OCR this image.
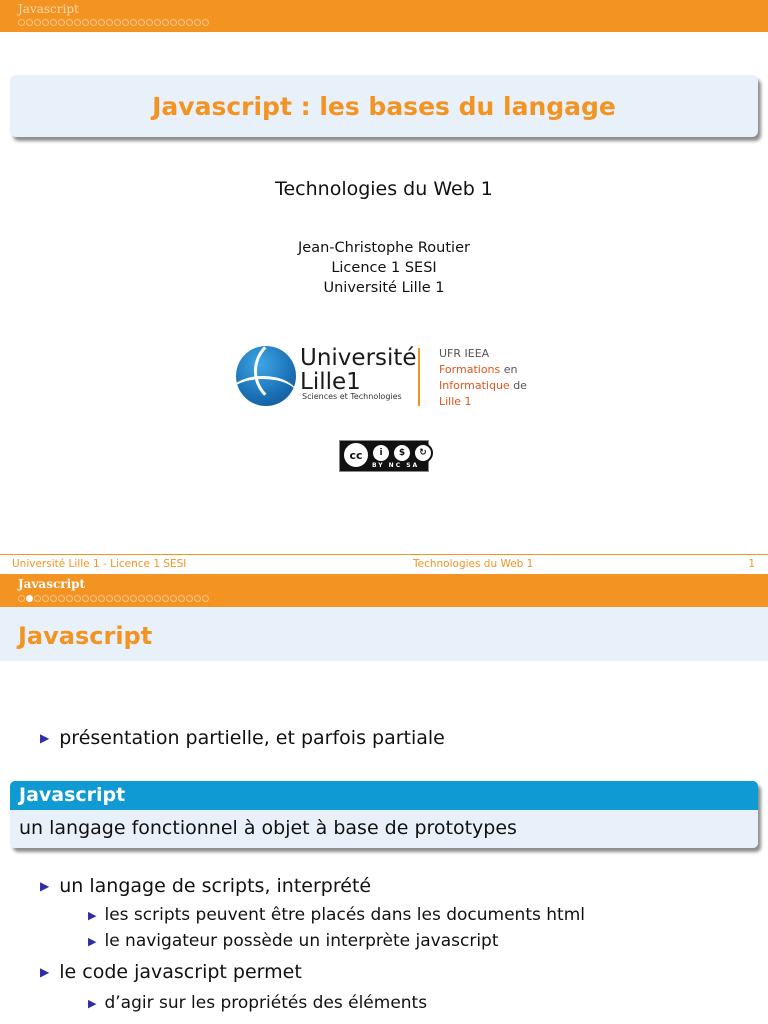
Javascript
Javascript : les bases du langage
Technologies du Web 1
Jean-Christophe Routier
Licence 1 SESI
Université Lille 1
Université
Lille1
Sciences et Technologies
UFR IEEA
Formations en
Informatique de
Lille 1
cc	i	$	↻
BY NC SA
Université Lille 1 - Licence 1 SESI	Technologies du Web 1	1
Javascript
Javascript
▶ présentation partielle, et parfois partiale
Javascript
un langage fonctionnel à objet à base de prototypes
▶ un langage de scripts, interprété
▶ les scripts peuvent être placés dans les documents html
▶ le navigateur possède un interprète javascript
▶ le code javascript permet
▶ d’agir sur les propriétés des éléments
